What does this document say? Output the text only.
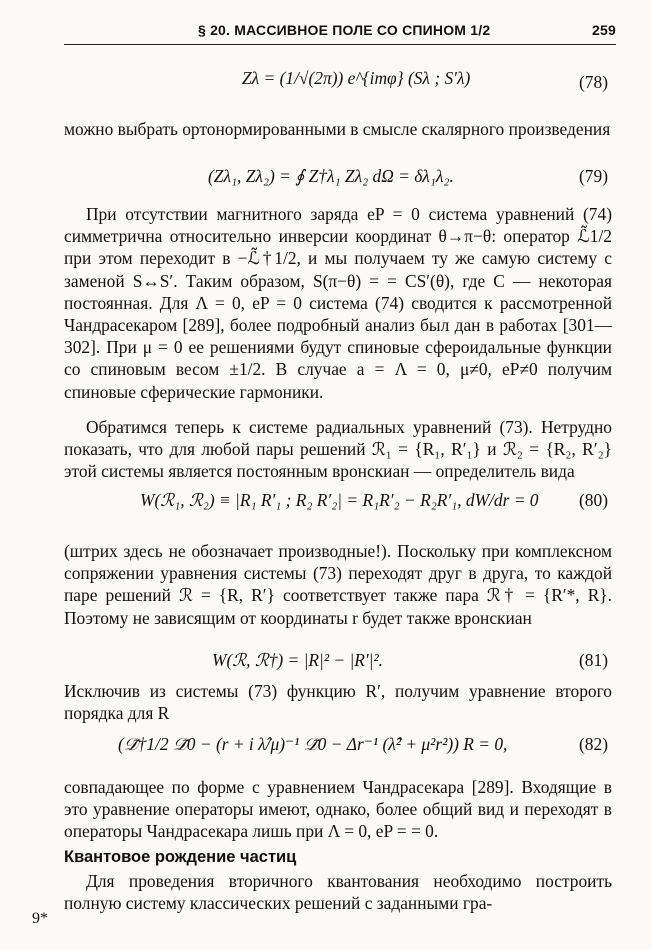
§ 20. МАССИВНОЕ ПОЛЕ СО СПИНОМ 1/2	259
Zλ = (1/√(2π)) e^{imφ} (Sλ ; S′λ)	(78)

можно выбрать ортонормированными в смысле скалярного произведения

(Zλ₁, Zλ₂) = ∮ Z†λ₁ Zλ₂ dΩ = δλ₁λ₂.	(79)

При отсутствии магнитного заряда eP = 0 система уравнений (74) симметрична относительно инверсии координат θ→π−θ: оператор ℒ̃1/2 при этом переходит в −ℒ̃†1/2, и мы получаем ту же самую систему с заменой S↔S′. Таким образом, S(π−θ) = = CS′(θ), где C — некоторая постоянная. Для Λ = 0, eP = 0 система (74) сводится к рассмотренной Чандрасекаром [289], более подробный анализ был дан в работах [301—302]. При μ = 0 ее решениями будут спиновые сфероидальные функции со спиновым весом ±1/2. В случае a = Λ = 0, μ≠0, eP≠0 получим спиновые сферические гармоники.

Обратимся теперь к системе радиальных уравнений (73). Нетрудно показать, что для любой пары решений ℛ₁ = {R₁, R′₁} и ℛ₂ = {R₂, R′₂} этой системы является постоянным вронскиан — определитель вида

W(ℛ₁, ℛ₂) ≡ |R₁ R′₁ ; R₂ R′₂| = R₁R′₂ − R₂R′₁, dW/dr = 0 (80)

(штрих здесь не обозначает производные!). Поскольку при комплексном сопряжении уравнения системы (73) переходят друг в друга, то каждой паре решений ℛ = {R, R′} соответствует также пара ℛ† = {R′*, R}. Поэтому не зависящим от координаты r будет также вронскиан

W(ℛ, ℛ†) = |R|² − |R′|².	(81)

Исключив из системы (73) функцию R′, получим уравнение второго порядка для R

(𝒟̃†1/2 𝒟̃0 − (r + i λ̂/μ)⁻¹ 𝒟̃0 − Δr⁻¹ (λ̂² + μ²r²)) R = 0,	(82)

совпадающее по форме с уравнением Чандрасекара [289]. Входящие в это уравнение операторы имеют, однако, более общий вид и переходят в операторы Чандрасекара лишь при Λ = 0, eP = = 0.

Квантовое рождение частиц

Для проведения вторичного квантования необходимо построить полную систему классических решений с заданными гра-

9*
